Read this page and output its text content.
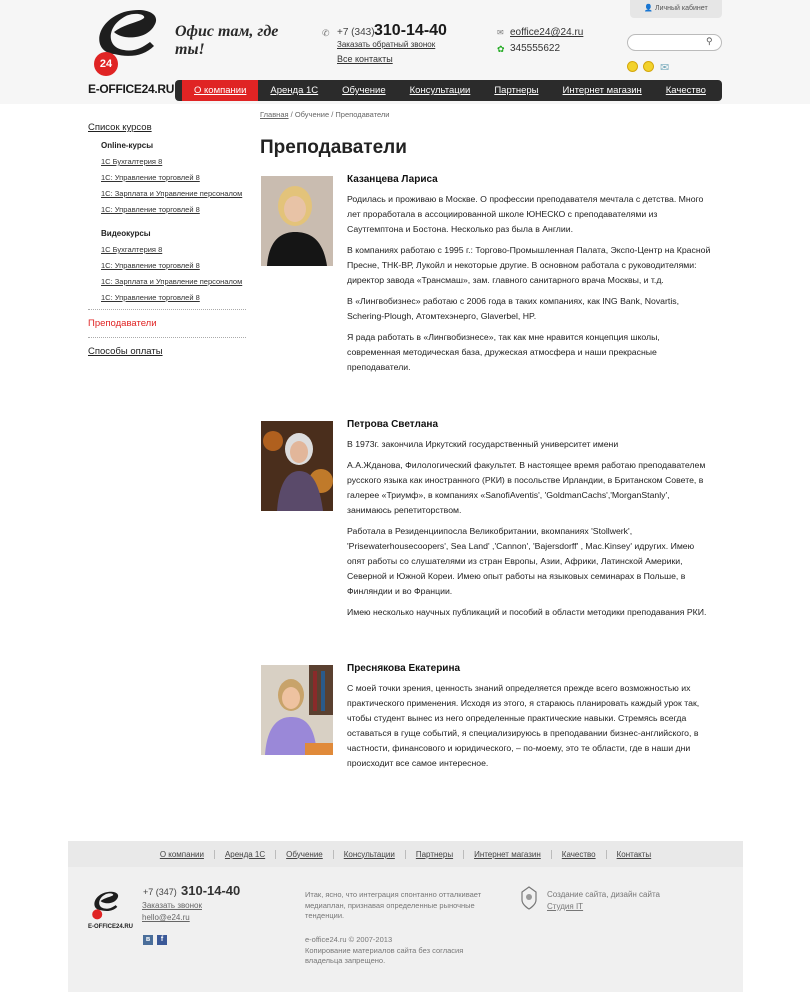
24
E-OFFICE24.RU
Офис там, где ты!
✆ +7 (343) 310-14-40
Заказать обратный звонок
Все контакты
✉ eoffice24@24.ru
✿ 345555622
👤 Личный кабинет
⚲
✉
О компании	Аренда 1С	Обучение	Консультации	Партнеры	Интернет магазин	Качество
Список курсов
Online-курсы
1С Бухгалтерия 8
1С: Управление торговлей 8
1С: Зарплата и Управление персоналом
1С: Управление торговлей 8
Видеокурсы
1С Бухгалтерия 8
1С: Управление торговлей 8
1С: Зарплата и Управление персоналом
1С: Управление торговлей 8
Преподаватели
Способы оплаты
Главная / Обучение / Преподаватели
Преподаватели
Казанцева Лариса

Родилась и проживаю в Москве. О профессии преподавателя мечтала с детства. Много лет проработала в ассоциированной школе ЮНЕСКО с преподавателями из Саутгемптона и Бостона. Несколько раз была в Англии.

В компаниях работаю с 1995 г.: Торгово-Промышленная Палата, Экспо-Центр на Красной Пресне, ТНК-ВР, Лукойл и некоторые другие. В основном работала с руководителями: директор завода «Трансмаш», зам. главного санитарного врача Москвы, и т.д.

В «Лингвобизнес» работаю с 2006 года в таких компаниях, как ING Bank, Novartis, Schering-Plough, Атомтехэнерго, Glaverbel, HP.

Я рада работать в «Лингвобизнесе», так как мне нравится концепция школы, современная методическая база, дружеская атмосфера и наши прекрасные преподаватели.

Петрова Светлана

В 1973г. закончила Иркутский государственный университет имени

А.А.Жданова, Филологический факультет. В настоящее время работаю преподавателем русского языка как иностранного (РКИ) в посольстве Ирландии, в Британском Совете, в галерее «Триумф», в компаниях «SanofiAventis', 'GoldmanCachs','MorganStanly', занимаюсь репетиторством.

Работала в Резиденциипосла Великобритании, вкомпаниях 'Stollwerk', 'Prisewaterhousecoopers', Sea Land' ,'Cannon', 'Bajersdorff' , Mac.Kinsey' идругих. Имею опят работы со слушателями из стран Европы, Азии, Африки, Латинской Америки, Северной и Южной Кореи. Имею опыт работы на языковых семинарах в Польше, в Финляндии и во Франции.

Имею несколько научных публикаций и пособий в области методики преподавания РКИ.

Преснякова Екатерина

С моей точки зрения, ценность знаний определяется прежде всего возможностью их практического применения. Исходя из этого, я стараюсь планировать каждый урок так, чтобы студент вынес из него определенные практические навыки. Стремясь всегда оставаться в гуще событий, я специализируюсь в преподавании бизнес-английского, в частности, финансового и юридического, – по-моему, это те области, где в наши дни происходит все самое интересное.

О компании	Аренда 1С	Обучение	Консультации	Партнеры	Интернет магазин	Качество	Контакты
E-OFFICE24.RU
+7 (347) 310-14-40
Заказать звонок
hello@e24.ru
в	f
Итак, ясно, что интеграция спонтанно отталкивает медиаплан, признавая определенные рыночные тенденции.
e-office24.ru © 2007-2013
Копирование материалов сайта без согласия владельца запрещено.
Создание сайта, дизайн сайта
Студия IT
